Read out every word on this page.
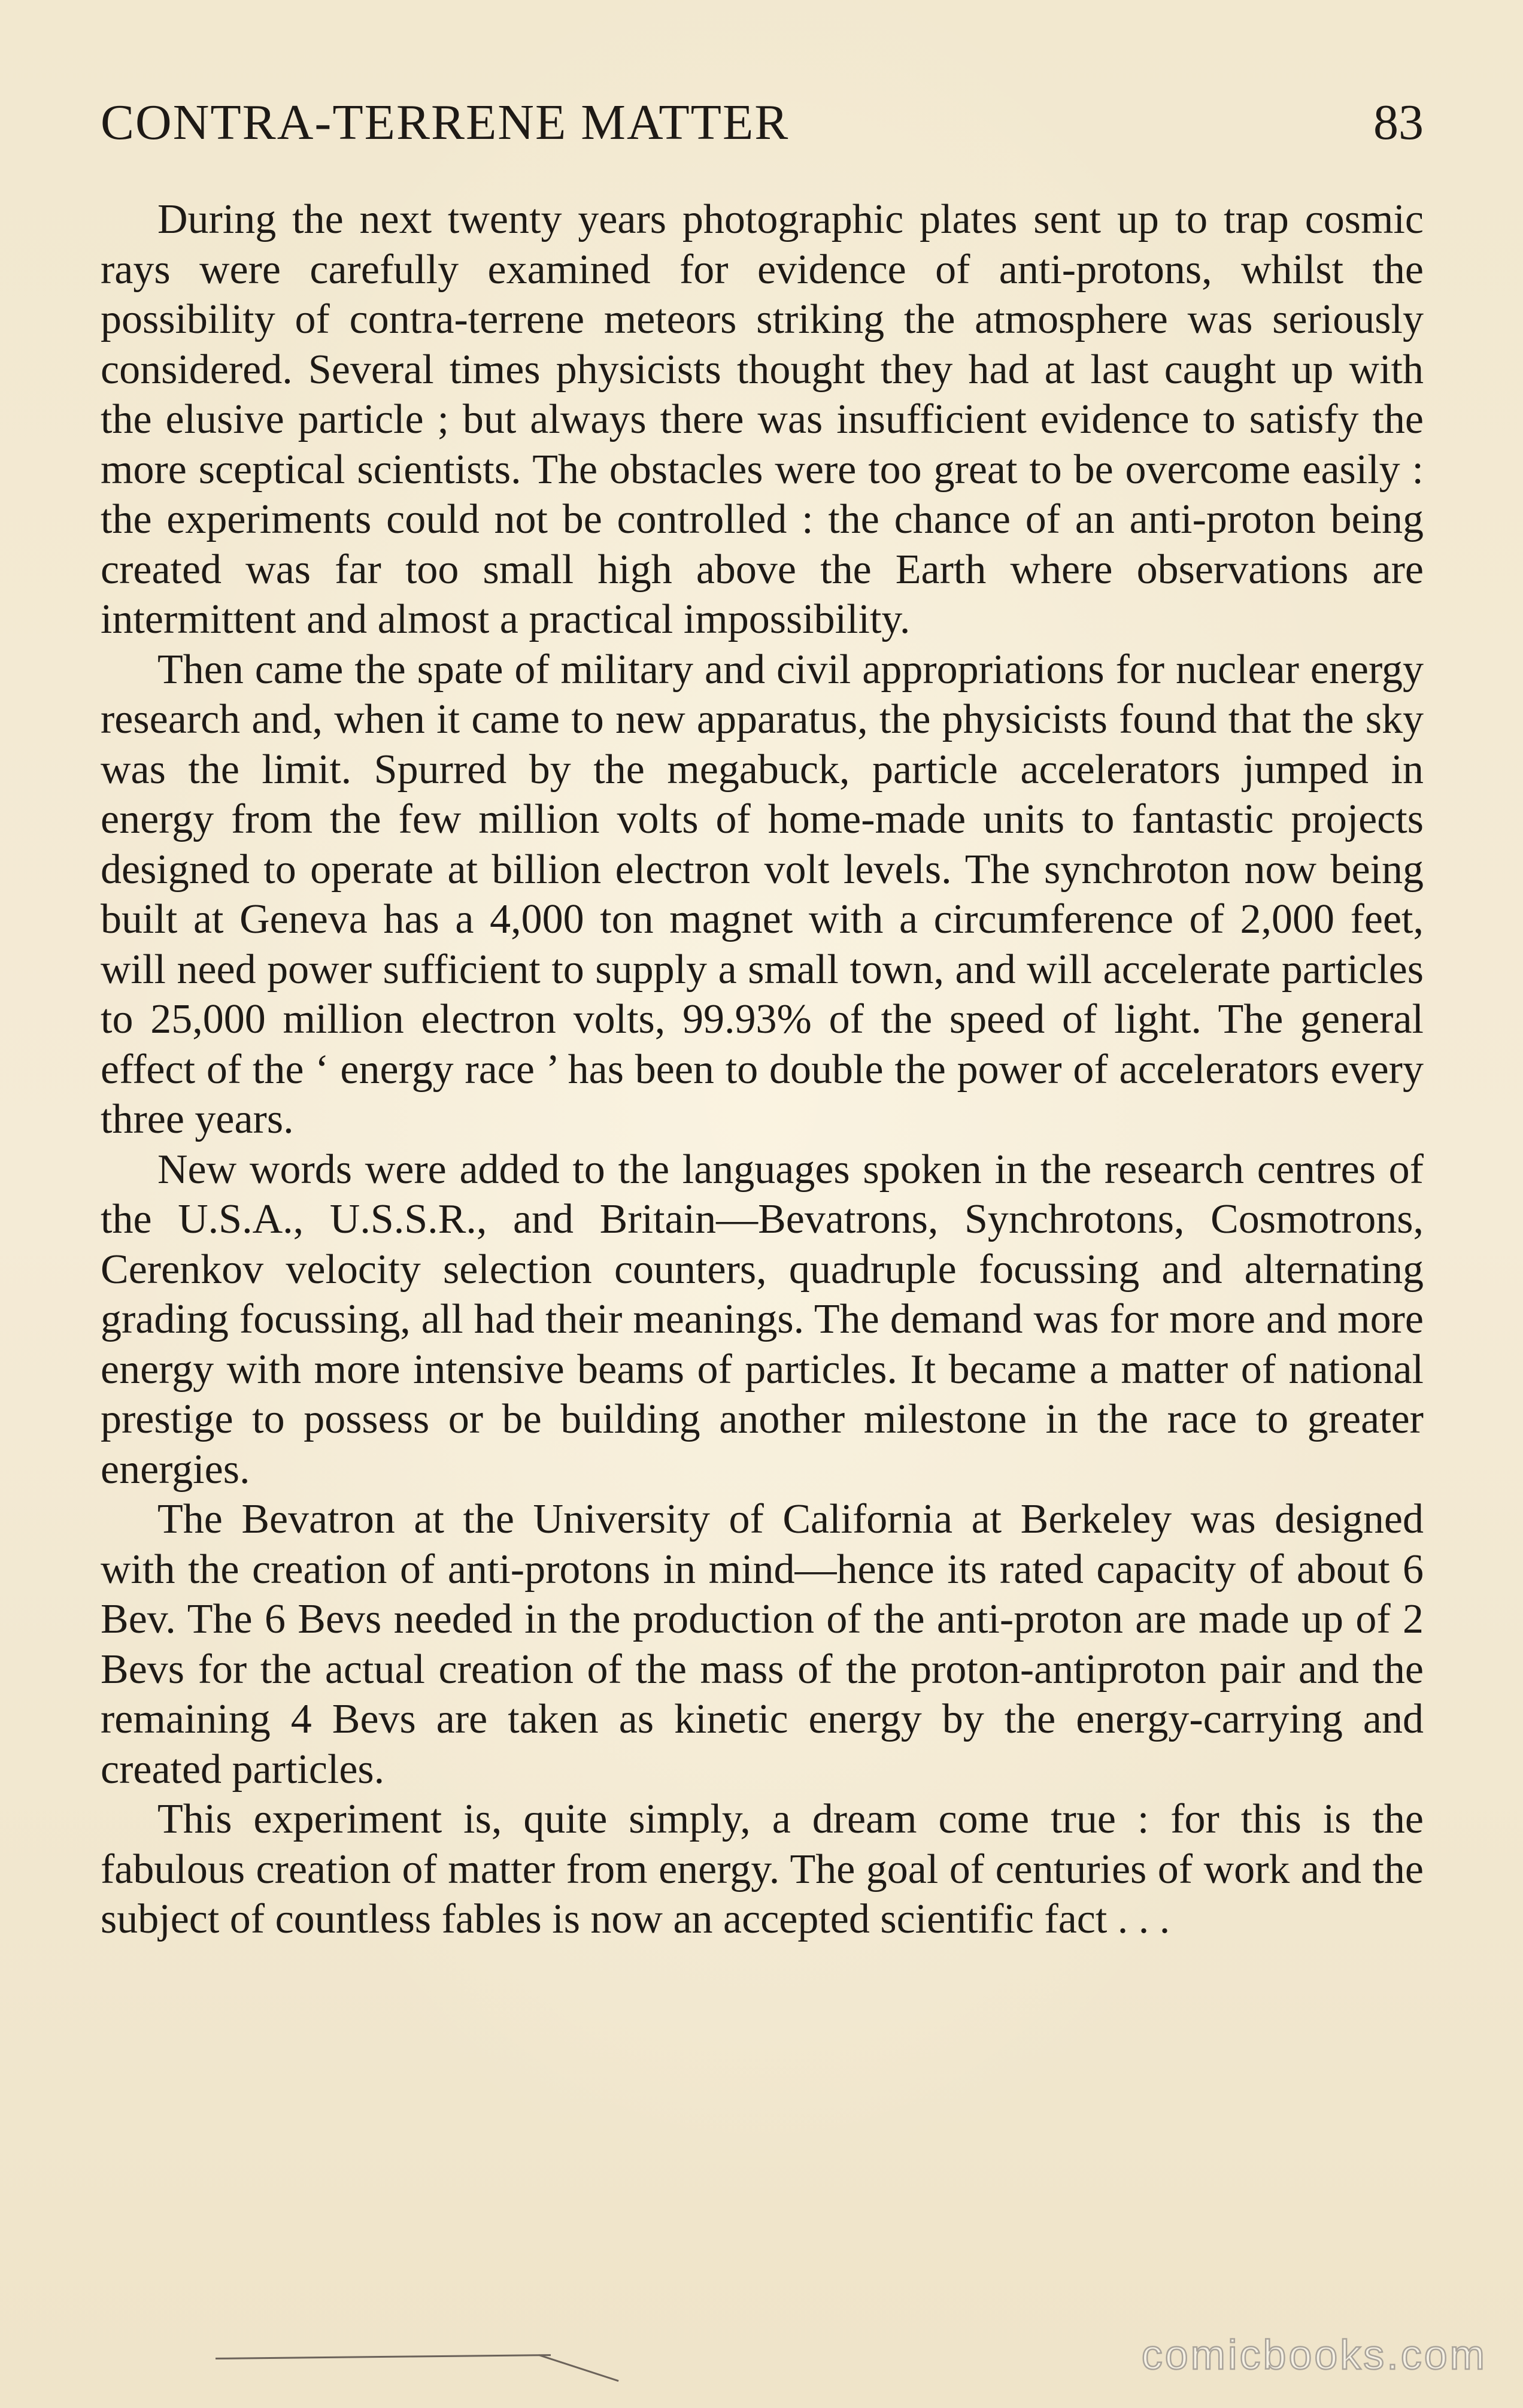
CONTRA-TERRENE MATTER	83

During the next twenty years photographic plates sent up to trap cosmic rays were carefully examined for evidence of anti-protons, whilst the possibility of contra-terrene meteors striking the atmosphere was seriously considered. Several times physicists thought they had at last caught up with the elusive particle ; but always there was insufficient evidence to satisfy the more sceptical scientists. The obstacles were too great to be overcome easily : the experiments could not be controlled : the chance of an anti-proton being created was far too small high above the Earth where observations are intermittent and almost a practical impossibility.

Then came the spate of military and civil appropriations for nuclear energy research and, when it came to new apparatus, the physicists found that the sky was the limit. Spurred by the megabuck, particle accelerators jumped in energy from the few million volts of home-made units to fantastic projects designed to operate at billion electron volt levels. The synchroton now being built at Geneva has a 4,000 ton magnet with a circumference of 2,000 feet, will need power sufficient to supply a small town, and will accelerate particles to 25,000 million electron volts, 99.93% of the speed of light. The general effect of the ‘ energy race ’ has been to double the power of accelerators every three years.

New words were added to the languages spoken in the research centres of the U.S.A., U.S.S.R., and Britain—Bevatrons, Synchrotons, Cosmotrons, Cerenkov velocity selection counters, quadruple focussing and alternating grading focussing, all had their meanings. The demand was for more and more energy with more intensive beams of particles. It became a matter of national prestige to possess or be building another milestone in the race to greater energies.

The Bevatron at the University of California at Berkeley was designed with the creation of anti-protons in mind—hence its rated capacity of about 6 Bev. The 6 Bevs needed in the production of the anti-proton are made up of 2 Bevs for the actual creation of the mass of the proton-antiproton pair and the remaining 4 Bevs are taken as kinetic energy by the energy-carrying and created particles.

This experiment is, quite simply, a dream come true : for this is the fabulous creation of matter from energy. The goal of centuries of work and the subject of countless fables is now an accepted scientific fact . . .

comicbooks.com
